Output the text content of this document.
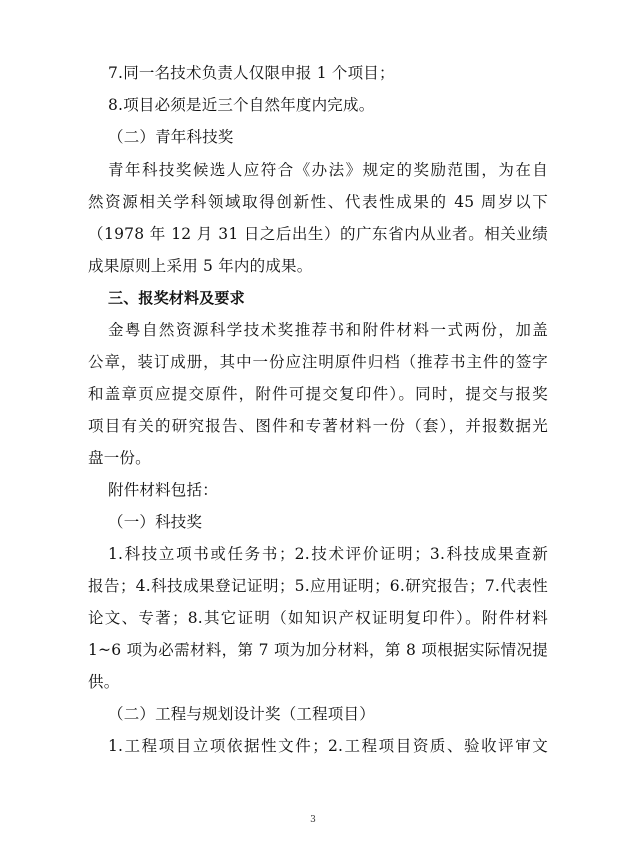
7.同一名技术负责人仅限申报 1 个项目；
8.项目必须是近三个自然年度内完成。
（二）青年科技奖
青年科技奖候选人应符合《办法》规定的奖励范围，为在自
然资源相关学科领域取得创新性、代表性成果的 45 周岁以下
（1978 年 12 月 31 日之后出生）的广东省内从业者。相关业绩
成果原则上采用 5 年内的成果。
三、报奖材料及要求
金粤自然资源科学技术奖推荐书和附件材料一式两份，加盖
公章，装订成册，其中一份应注明原件归档（推荐书主件的签字
和盖章页应提交原件，附件可提交复印件）。同时，提交与报奖
项目有关的研究报告、图件和专著材料一份（套），并报数据光
盘一份。
附件材料包括：
（一）科技奖
1.科技立项书或任务书；2.技术评价证明；3.科技成果查新
报告；4.科技成果登记证明；5.应用证明；6.研究报告；7.代表性
论文、专著；8.其它证明（如知识产权证明复印件）。附件材料
1~6 项为必需材料，第 7 项为加分材料，第 8 项根据实际情况提
供。
（二）工程与规划设计奖（工程项目）
1.工程项目立项依据性文件；2.工程项目资质、验收评审文
3
